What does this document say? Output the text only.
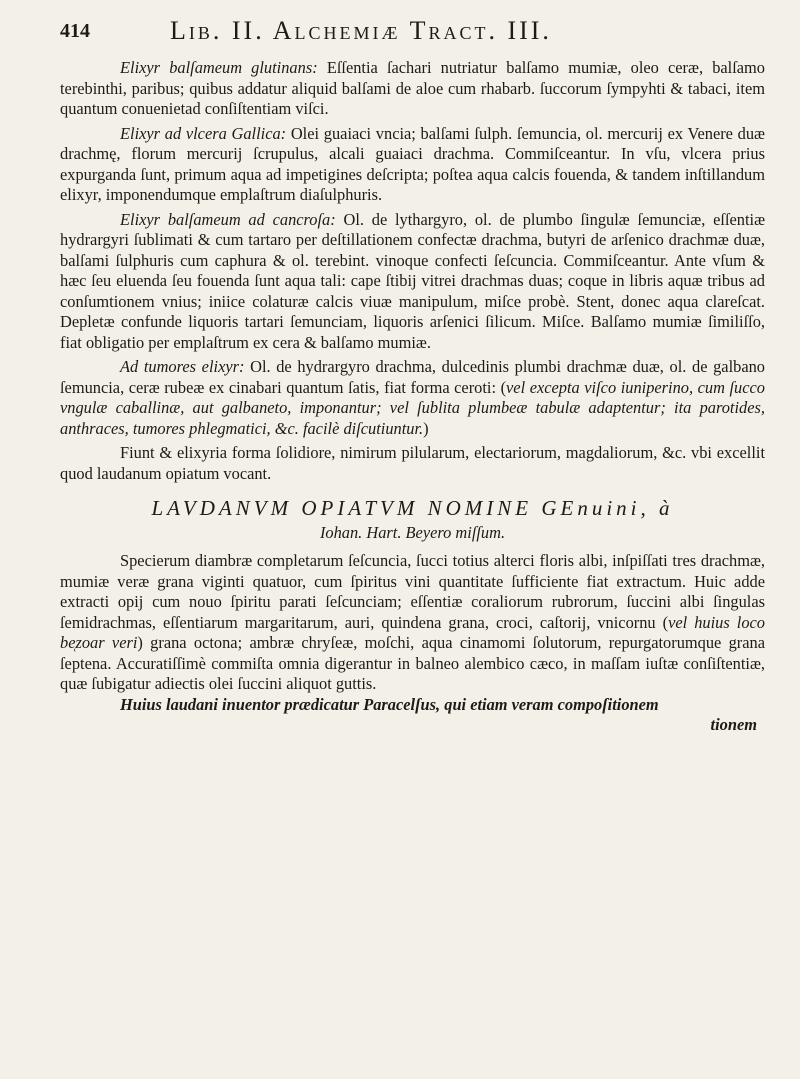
414	Lib. II. Alchemiæ Tract. III.

Elixyr balſameum glutinans: Eſſentia ſachari nutriatur balſamo mumiæ, oleo ceræ, balſamo terebinthi, paribus; quibus addatur aliquid balſami de aloe cum rhabarb. ſuccorum ſympyhti & tabaci, item quantum conuenietad conſiſtentiam viſci.

Elixyr ad vlcera Gallica: Olei guaiaci vncia; balſami ſulph. ſemuncia, ol. mercurij ex Venere duæ drachmę, florum mercurij ſcrupulus, alcali guaiaci drachma. Commiſceantur. In vſu, vlcera prius expurganda ſunt, primum aqua ad impetigines deſcripta; poſtea aqua calcis fouenda, & tandem inſtillandum elixyr, imponendumque emplaſtrum diaſulphuris.

Elixyr balſameum ad cancroſa: Ol. de lythargyro, ol. de plumbo ſingulæ ſemunciæ, eſſentiæ hydrargyri ſublimati & cum tartaro per deſtillationem confectæ drachma, butyri de arſenico drachmæ duæ, balſami ſulphuris cum caphura & ol. terebint. vinoque confecti ſeſcuncia. Commiſceantur. Ante vſum & hæc ſeu eluenda ſeu fouenda ſunt aqua tali: cape ſtibij vitrei drachmas duas; coque in libris aquæ tribus ad conſumtionem vnius; iniice colaturæ calcis viuæ manipulum, miſce probè. Stent, donec aqua clareſcat. Depletæ confunde liquoris tartari ſemunciam, liquoris arſenici ſilicum. Miſce. Balſamo mumiæ ſimiliſſo, fiat obligatio per emplaſtrum ex cera & balſamo mumiæ.

Ad tumores elixyr: Ol. de hydrargyro drachma, dulcedinis plumbi drachmæ duæ, ol. de galbano ſemuncia, ceræ rubeæ ex cinabari quantum ſatis, fiat forma ceroti: (vel excepta viſco iuniperino, cum ſucco vngulæ caballinæ, aut galbaneto, imponantur; vel ſublita plumbeæ tabulæ adaptentur; ita parotides, anthraces, tumores phlegmatici, &c. facilè diſcutiuntur.)

Fiunt & elixyria forma ſolidiore, nimirum pilularum, electariorum, magdaliorum, &c. vbi excellit quod laudanum opiatum vocant.

LAVDANVM OPIATVM NOMINE GEnuini, à
Iohan. Hart. Beyero miſſum.

Specierum diambræ completarum ſeſcuncia, ſucci totius alterci floris albi, inſpiſſati tres drachmæ, mumiæ veræ grana viginti quatuor, cum ſpiritus vini quantitate ſufficiente fiat extractum. Huic adde extracti opij cum nouo ſpiritu parati ſeſcunciam; eſſentiæ coraliorum rubrorum, ſuccini albi ſingulas ſemidrachmas, eſſentiarum margaritarum, auri, quindena grana, croci, caſtorij, vnicornu (vel huius loco be̜zoar veri) grana octona; ambræ chryſeæ, moſchi, aqua cinamomi ſolutorum, repurgatorumque grana ſeptena. Accuratiſſimè commiſta omnia digerantur in balneo alembico cæco, in maſſam iuſtæ conſiſtentiæ, quæ ſubigatur adiectis olei ſuccini aliquot guttis.

Huius laudani inuentor prædicatur Paracelſus, qui etiam veram compoſitionem

tionem
